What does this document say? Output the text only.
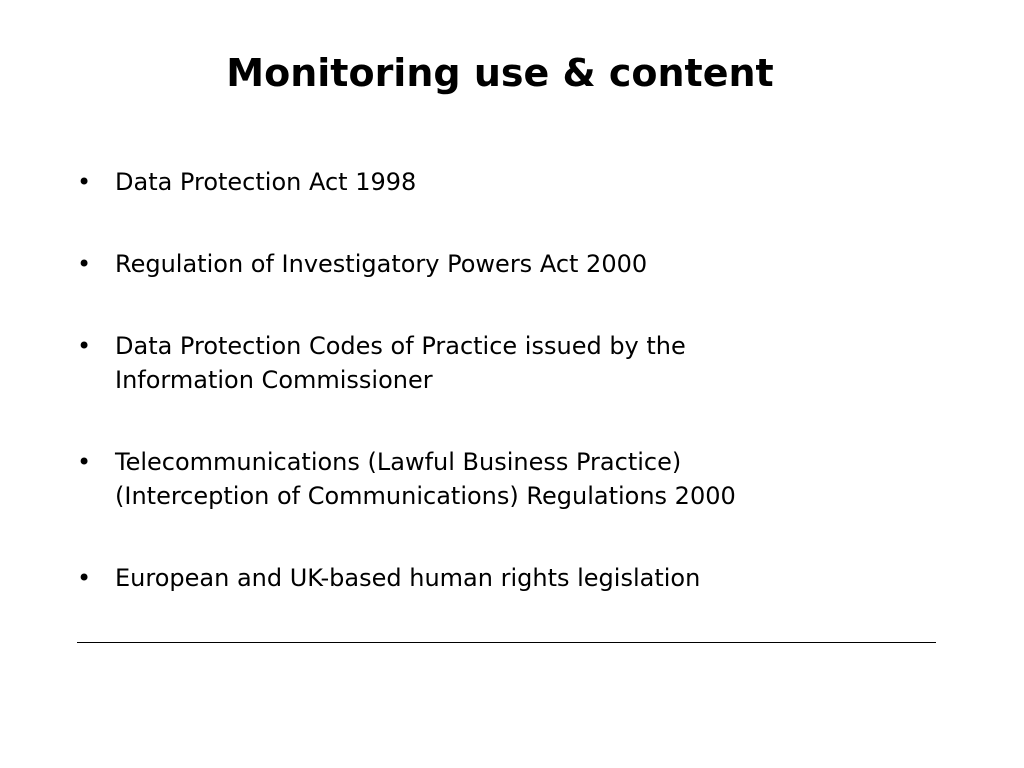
Monitoring use & content
• Data Protection Act 1998
• Regulation of Investigatory Powers Act 2000
• Data Protection Codes of Practice issued by the
Information Commissioner
• Telecommunications (Lawful Business Practice)
(Interception of Communications) Regulations 2000
• European and UK-based human rights legislation
